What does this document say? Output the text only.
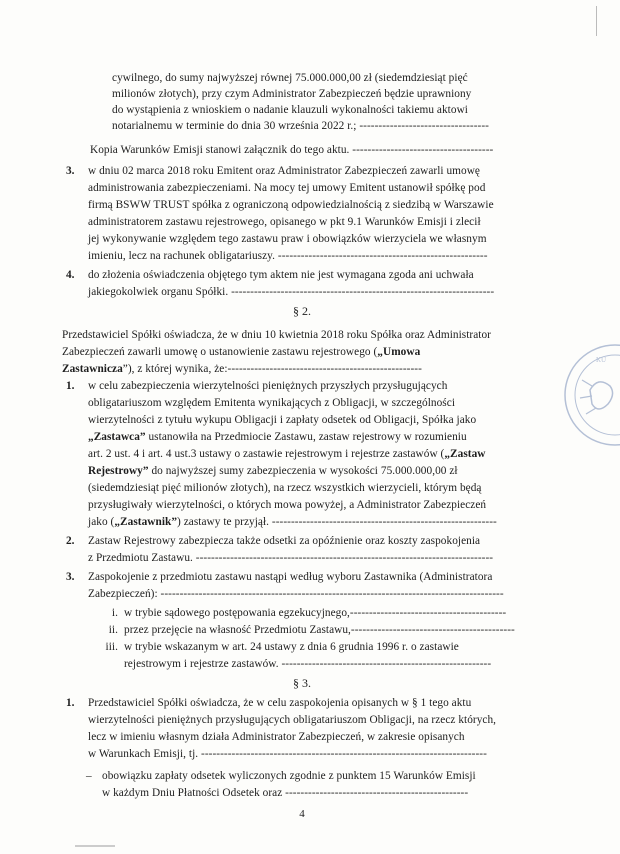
cywilnego, do sumy najwyższej równej 75.000.000,00 zł (siedemdziesiąt pięć

milionów złotych), przy czym Administrator Zabezpieczeń będzie uprawniony

do wystąpienia z wnioskiem o nadanie klauzuli wykonalności takiemu aktowi

notarialnemu w terminie do dnia 30 września 2022 r.; ----------------------------------

Kopia Warunków Emisji stanowi załącznik do tego aktu. -------------------------------------

3. w dniu 02 marca 2018 roku Emitent oraz Administrator Zabezpieczeń zawarli umowę

administrowania zabezpieczeniami. Na mocy tej umowy Emitent ustanowił spółkę pod

firmą BSWW TRUST spółka z ograniczoną odpowiedzialnością z siedzibą w Warszawie

administratorem zastawu rejestrowego, opisanego w pkt 9.1 Warunków Emisji i zlecił

jej wykonywanie względem tego zastawu praw i obowiązków wierzyciela we własnym

imieniu, lecz na rachunek obligatariuszy. -------------------------------------------------------

4. do złożenia oświadczenia objętego tym aktem nie jest wymagana zgoda ani uchwała

jakiegokolwiek organu Spółki. ---------------------------------------------------------------------

§ 2.

Przedstawiciel Spółki oświadcza, że w dniu 10 kwietnia 2018 roku Spółka oraz Administrator

Zabezpieczeń zawarli umowę o ustanowienie zastawu rejestrowego („Umowa

Zastawnicza”), z której wynika, że:---------------------------------------------------

1. w celu zabezpieczenia wierzytelności pieniężnych przyszłych przysługujących

obligatariuszom względem Emitenta wynikających z Obligacji, w szczególności

wierzytelności z tytułu wykupu Obligacji i zapłaty odsetek od Obligacji, Spółka jako

„Zastawca” ustanowiła na Przedmiocie Zastawu, zastaw rejestrowy w rozumieniu

art. 2 ust. 4 i art. 4 ust.3 ustawy o zastawie rejestrowym i rejestrze zastawów („Zastaw

Rejestrowy” do najwyższej sumy zabezpieczenia w wysokości 75.000.000,00 zł

(siedemdziesiąt pięć milionów złotych), na rzecz wszystkich wierzycieli, którym będą

przysługiwały wierzytelności, o których mowa powyżej, a Administrator Zabezpieczeń

jako („Zastawnik”) zastawy te przyjął. -----------------------------------------------------------

2. Zastaw Rejestrowy zabezpiecza także odsetki za opóźnienie oraz koszty zaspokojenia

z Przedmiotu Zastawu. ------------------------------------------------------------------------------

3. Zaspokojenie z przedmiotu zastawu nastąpi według wyboru Zastawnika (Administratora

Zabezpieczeń): ------------------------------------------------------------------------------------------

i. w trybie sądowego postępowania egzekucyjnego,-----------------------------------------

ii. przez przejęcie na własność Przedmiotu Zastawu,-------------------------------------------

iii. w trybie wskazanym w art. 24 ustawy z dnia 6 grudnia 1996 r. o zastawie

rejestrowym i rejestrze zastawów. -------------------------------------------------------

§ 3.
1. Przedstawiciel Spółki oświadcza, że w celu zaspokojenia opisanych w § 1 tego aktu

wierzytelności pieniężnych przysługujących obligatariuszom Obligacji, na rzecz których,

lecz w imieniu własnym działa Administrator Zabezpieczeń, w zakresie opisanych

w Warunkach Emisji, tj. ---------------------------------------------------------------------------

– obowiązku zapłaty odsetek wyliczonych zgodnie z punktem 15 Warunków Emisji

w każdym Dniu Płatności Odsetek oraz ------------------------------------------------

4
KU
